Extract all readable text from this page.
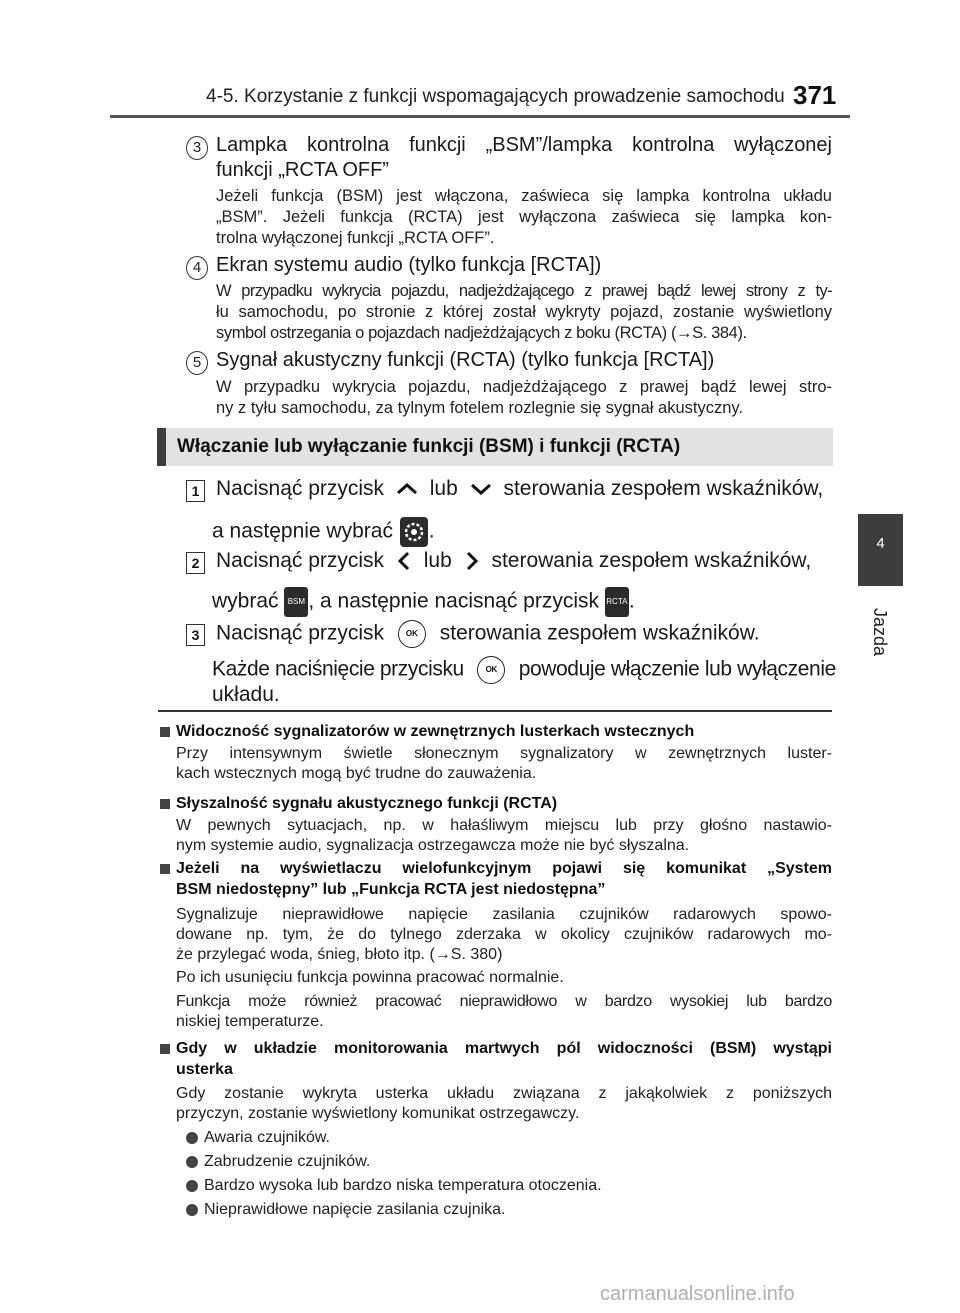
4-5. Korzystanie z funkcji wspomagających prowadzenie samochodu 371
4
Jazda
3 Lampka kontrolna funkcji „BSM”/lampka kontrolna wyłączonej
funkcji „RCTA OFF”
Jeżeli funkcja (BSM) jest włączona, zaświeca się lampka kontrolna układu
„BSM”. Jeżeli funkcja (RCTA) jest wyłączona zaświeca się lampka kon-
trolna wyłączonej funkcji „RCTA OFF”.
4 Ekran systemu audio (tylko funkcja [RCTA])
W przypadku wykrycia pojazdu, nadjeżdżającego z prawej bądź lewej strony z ty-
łu samochodu, po stronie z której został wykryty pojazd, zostanie wyświetlony
symbol ostrzegania o pojazdach nadjeżdżających z boku (RCTA) (→S. 384).
5 Sygnał akustyczny funkcji (RCTA) (tylko funkcja [RCTA])
W przypadku wykrycia pojazdu, nadjeżdżającego z prawej bądź lewej stro-
ny z tyłu samochodu, za tylnym fotelem rozlegnie się sygnał akustyczny.
Włączanie lub wyłączanie funkcji (BSM) i funkcji (RCTA)
1 Nacisnąć przycisk lub sterowania zespołem wskaźników,
a następnie wybrać .
2 Nacisnąć przycisk lub sterowania zespołem wskaźników,
wybrać BSM , a następnie nacisnąć przycisk RCTA.
3 Nacisnąć przycisk	OK sterowania zespołem wskaźników.
Każde naciśnięcie przycisku	OK powoduje włączenie lub wyłączenie
układu.
Widoczność sygnalizatorów w zewnętrznych lusterkach wstecznych
Przy intensywnym świetle słonecznym sygnalizatory w zewnętrznych luster-
kach wstecznych mogą być trudne do zauważenia.
Słyszalność sygnału akustycznego funkcji (RCTA)
W pewnych sytuacjach, np. w hałaśliwym miejscu lub przy głośno nastawio-
nym systemie audio, sygnalizacja ostrzegawcza może nie być słyszalna.
Jeżeli na wyświetlaczu wielofunkcyjnym pojawi się komunikat „System
BSM niedostępny” lub „Funkcja RCTA jest niedostępna”
Sygnalizuje nieprawidłowe napięcie zasilania czujników radarowych spowo-
dowane np. tym, że do tylnego zderzaka w okolicy czujników radarowych mo-
że przylegać woda, śnieg, błoto itp. (→S. 380)
Po ich usunięciu funkcja powinna pracować normalnie.
Funkcja może również pracować nieprawidłowo w bardzo wysokiej lub bardzo
niskiej temperaturze.
Gdy w układzie monitorowania martwych pól widoczności (BSM) wystąpi
usterka
Gdy zostanie wykryta usterka układu związana z jakąkolwiek z poniższych
przyczyn, zostanie wyświetlony komunikat ostrzegawczy.
Awaria czujników.
Zabrudzenie czujników.
Bardzo wysoka lub bardzo niska temperatura otoczenia.
Nieprawidłowe napięcie zasilania czujnika.
carmanualsonline.info
